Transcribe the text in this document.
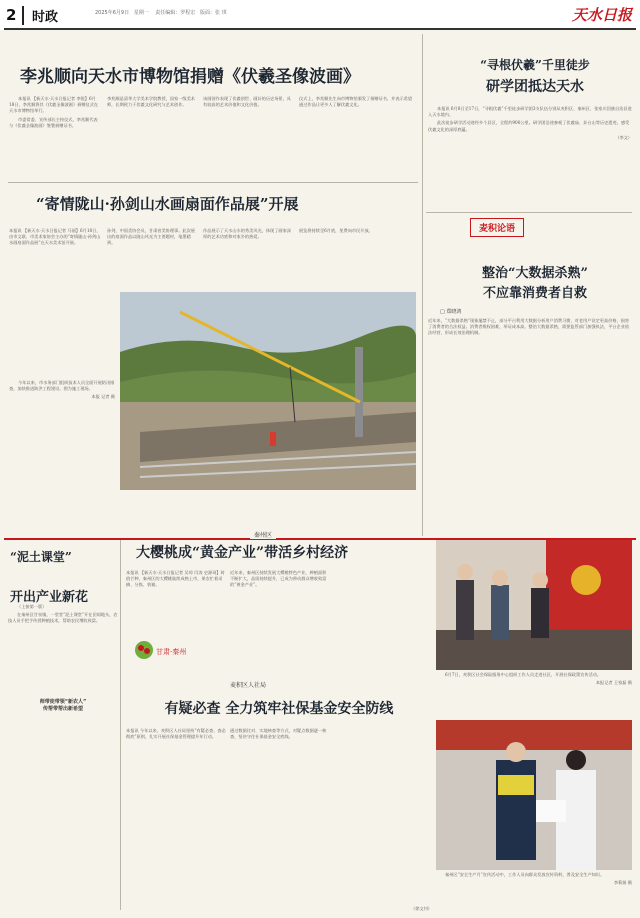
2	时政	2025年6月9日 星期一 责任编辑：罗程宏 版面：张 琪	天水日报
李兆顺向天水市博物馆捐赠《伏羲圣像波画》

本报讯 【新天水·天水日报记者 李锐】6月18日，李兆顺将其《伏羲圣像波画》捐赠仪式在天水市博物馆举行。

市委常委、宣传部长主持仪式，李兆顺代表与《伏羲圣像波画》签署捐赠证书。

李兆顺是清华大学美术学院教授，国家一级美术师，长期致力于伏羲文化研究与艺术创作。
该画创作表现了伏羲创世、画卦的历史场景，具有较高的艺术价值和文化价值。
仪式上，李兆顺先生向市博物馆颁发了捐赠证书，并表示希望通过作品让更多人了解伏羲文化。
“寄情陇山·孙剑山水画扇面作品展”开展
本报讯 【新天水·天水日报记者 马丽】6月18日，由市文联、市美术家协会主办的“寄情陇山·孙剑山水画扇面作品展”在天水美术馆开展。
孙剑，中国美协会员，甘肃省美协理事。此次展出的扇面作品以陇山风光为主要题材，笔墨精到。
作品展示了天水山水的秀美风光，体现了画家深厚的艺术功底和对家乡的热爱。
展览将持续至6月底，免费向市民开放。

今年以来，市水务部门组织技术人员全面开展防汛排查，加快推进防洪工程建设。图为施工现场。

本报 记者 摄
“寻根伏羲”千里徒步
研学团抵达天水

本报讯 6月8日至17日，“寻根伏羲”千里徒步研学团3支队伍分别从麦积区、秦州区、张家川回族自治县进入天水境内。

此次徒步研学活动途经多个县区，全程约900公里。研学团沿途参观了伏羲庙、卦台山等历史遗迹，感受伏羲文化的深厚底蕴。

（李文）
麦积论语
整治“大数据杀熟”
不应靠消费者自救
□ 郑晓鸿
近年来，“大数据杀熟”现象屡禁不止，部分平台利用大数据分析用户消费习惯，对老用户设定更高价格，损害了消费者的合法权益。消费者维权困难，举证成本高。整治大数据杀熟，需要监管部门加强执法，平台企业依法经营，形成长效治理机制。
秦州区
大樱桃成“黄金产业”带活乡村经济
本报讯 【新天水·天水日报记者 吴琼 闫涛 史源珂】时值芒种，秦州区的大樱桃陆续成熟上市，果农忙着采摘、分拣、装箱。
近年来，秦州区持续发展大樱桃特色产业，种植面积不断扩大，品质持续提升，已成为带动群众增收致富的“黄金产业”。
“泥土课堂”
开出产业新花

（上接第一版）

在秦州区甘泉镇，一堂堂“泥土课堂”开在田间地头，农技人员手把手传授种植技术，帮助农民增收致富。

师带徒带领“新农人”
传帮带帮出新希望
甘肃·秦州

6月7日，麦积区社会保险服务中心组织工作人员走进社区，开展社保政策宣传活动。

本报记者 王家磊 摄
麦积区人社局
有疑必查 全力筑牢社保基金安全防线
本报讯 今年以来，麦积区人社局坚持“有疑必查、查必彻底”原则，扎实开展社保基金管理提升年行动。
通过数据比对、实地核查等方式，对疑点数据逐一核查，坚决守住社保基金安全底线。
（徐文钊）

秦州区“安全生产月”宣传活动中，工作人员向群众发放宣传资料，普及安全生产知识。

李莉娟 摄
